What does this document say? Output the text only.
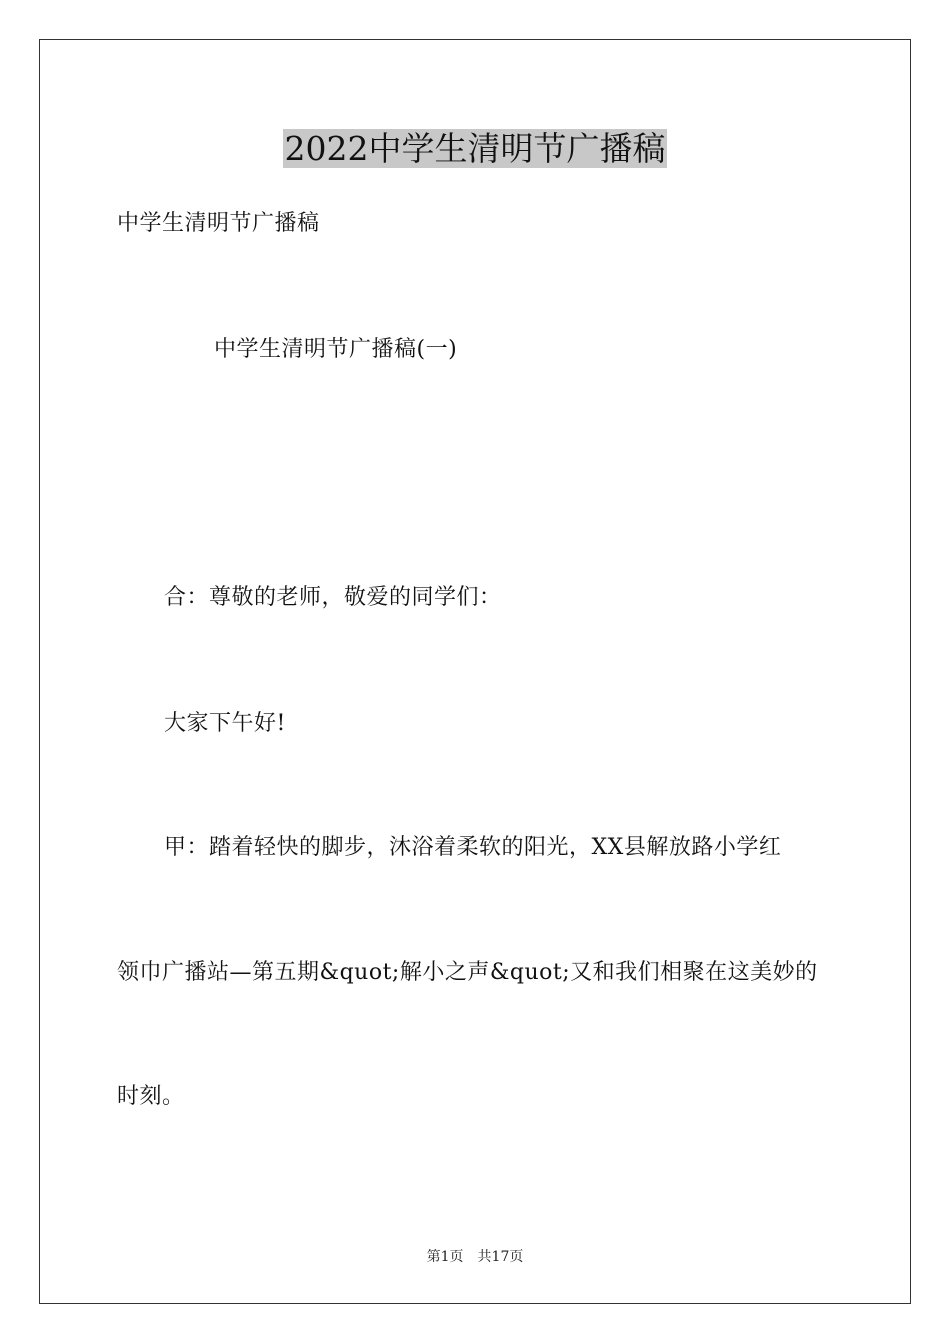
2022中学生清明节广播稿
中学生清明节广播稿
中学生清明节广播稿(一)
合：尊敬的老师，敬爱的同学们：
大家下午好!
甲：踏着轻快的脚步，沐浴着柔软的阳光，XX县解放路小学红
领巾广播站—第五期&quot;解小之声&quot;又和我们相聚在这美妙的
时刻。
第1页 共17页
